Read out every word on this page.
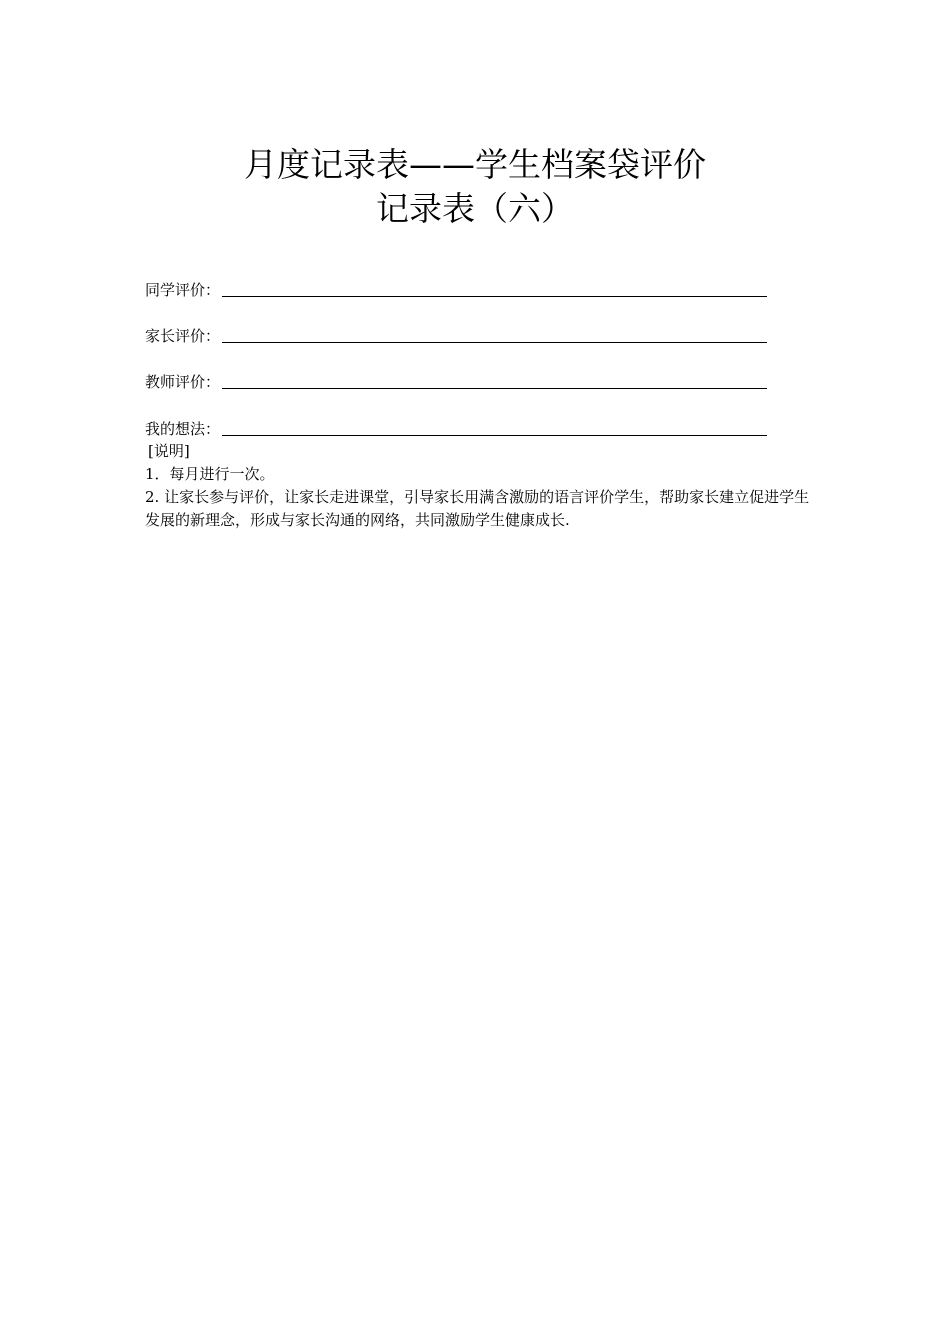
月度记录表——学生档案袋评价
记录表（六）
同学评价：
家长评价：
教师评价：
我的想法：

[说明]

1．每月进行一次。

2. 让家长参与评价，让家长走进课堂，引导家长用满含激励的语言评价学生，帮助家长建立促进学生发展的新理念，形成与家长沟通的网络，共同激励学生健康成长.
